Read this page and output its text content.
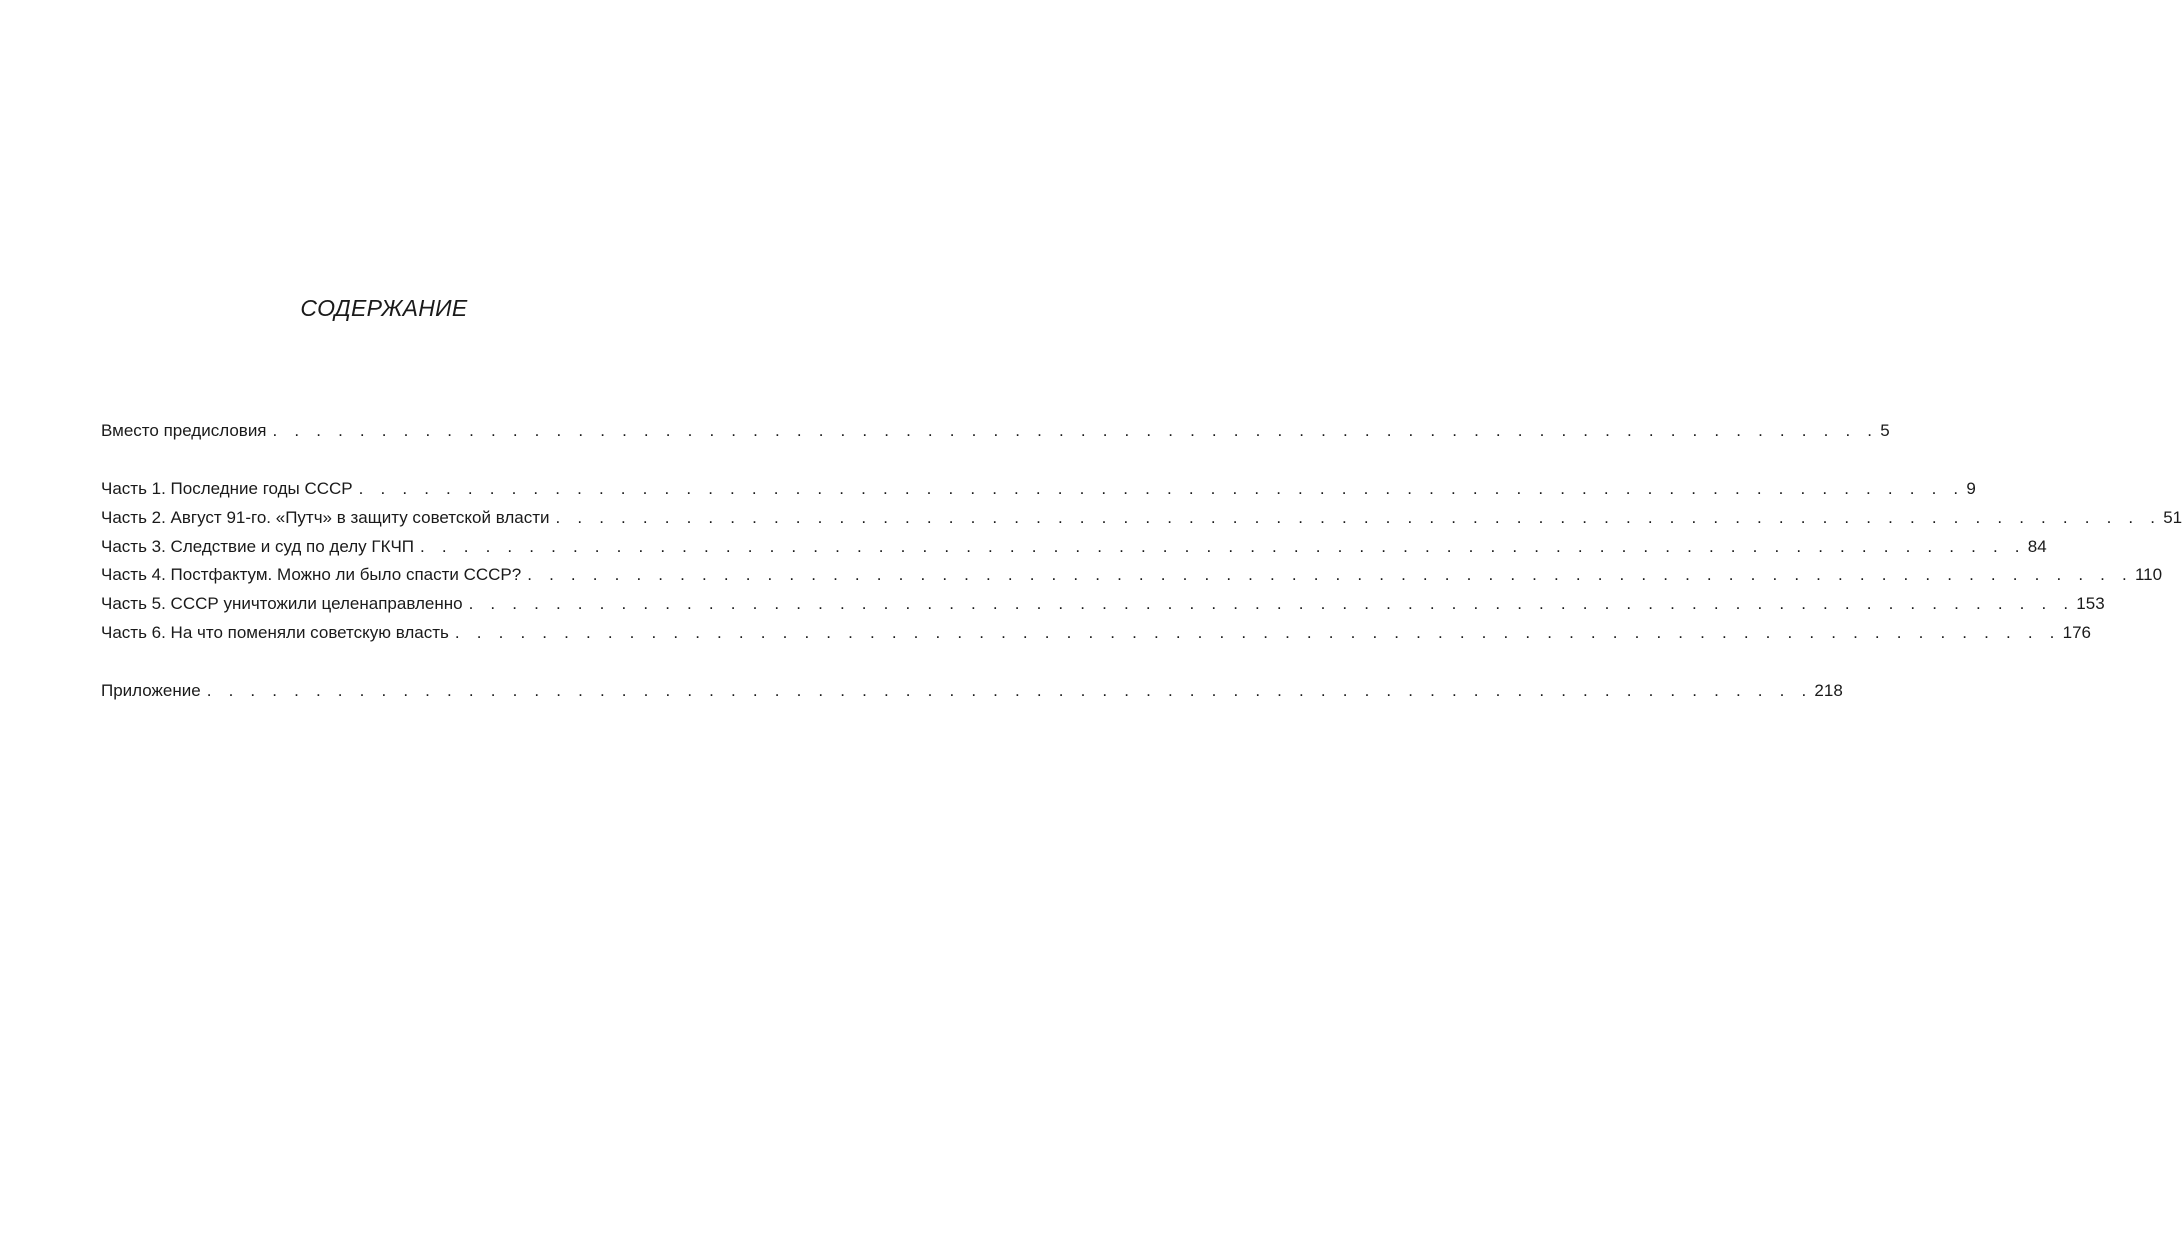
СОДЕРЖАНИЕ
Вместо предисловия . . . . . . . . . . . . . . . . . . . . . . . . . . . . . . . . . . . . . . . . . . . . . . . . . . . . . . . . . . . . . . . . . . . . . . . . . . 5
Часть 1. Последние годы СССР . . . . . . . . . . . . . . . . . . . . . . . . . . . . . . . . . . . . . . . . . . . . . . . . . . . . . . . . . . . . . . . . . . . . . . . . . . 9
Часть 2. Август 91-го. «Путч» в защиту советской власти . . . . . . . . . . . . . . . . . . . . . . . . . . . . . . . . . . . . . . . . . . . . . . . . . . . . . . . . . . . . . . . . . . . . . . . . . . 51
Часть 3. Следствие и суд по делу ГКЧП . . . . . . . . . . . . . . . . . . . . . . . . . . . . . . . . . . . . . . . . . . . . . . . . . . . . . . . . . . . . . . . . . . . . . . . . . . 84
Часть 4. Постфактум. Можно ли было спасти СССР? . . . . . . . . . . . . . . . . . . . . . . . . . . . . . . . . . . . . . . . . . . . . . . . . . . . . . . . . . . . . . . . . . . . . . . . . . . 110
Часть 5. СССР уничтожили целенаправленно . . . . . . . . . . . . . . . . . . . . . . . . . . . . . . . . . . . . . . . . . . . . . . . . . . . . . . . . . . . . . . . . . . . . . . . . . . 153
Часть 6. На что поменяли советскую власть . . . . . . . . . . . . . . . . . . . . . . . . . . . . . . . . . . . . . . . . . . . . . . . . . . . . . . . . . . . . . . . . . . . . . . . . . . 176
Приложение . . . . . . . . . . . . . . . . . . . . . . . . . . . . . . . . . . . . . . . . . . . . . . . . . . . . . . . . . . . . . . . . . . . . . . . . . . 218
